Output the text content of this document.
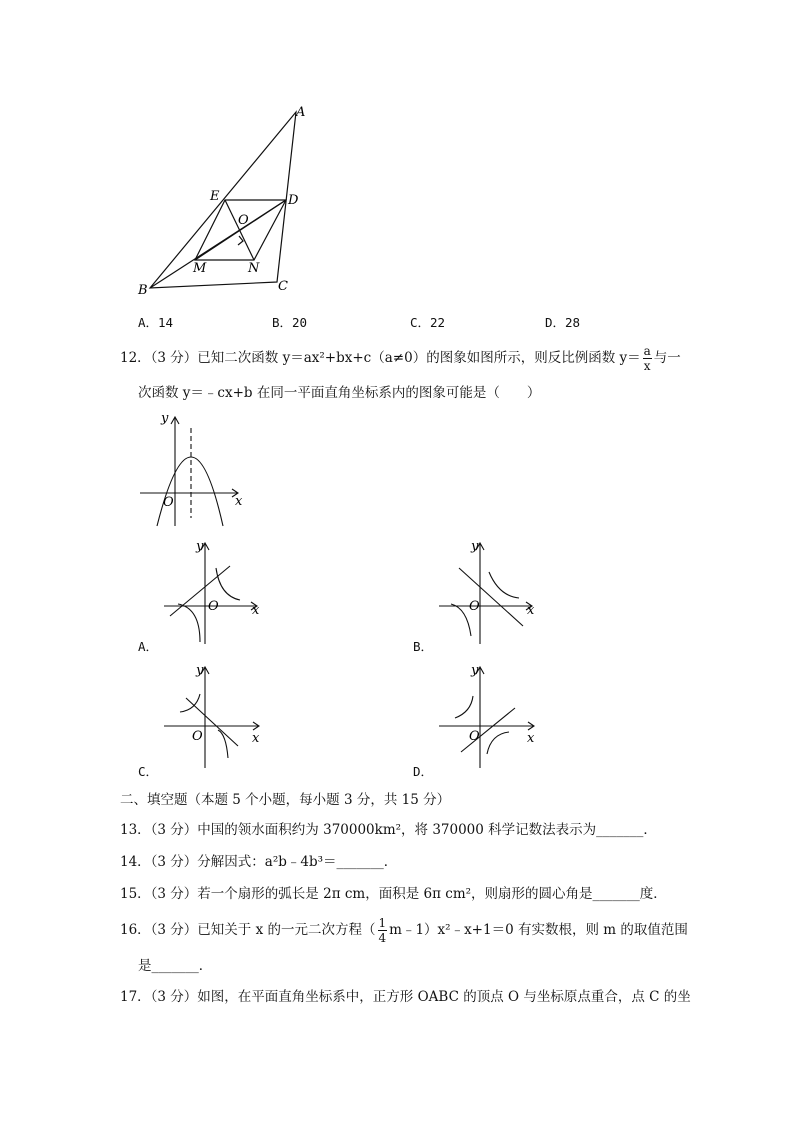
A
B	C
D
E
O
M	N
A．14	B．20	C．22	D．28
12．（3 分）已知二次函数 y＝ax²+bx+c（a≠0）的图象如图所示，则反比例函数 $y= \frac{a}{x}$ 与一
次函数 y＝﹣cx+b 在同一平面直角坐标系内的图象可能是（　　）
y
x
O
y
x
O
A．
y
x
O
B．
y
x
O
C．
y
x
O
D．
二、填空题（本题 5 个小题，每小题 3 分，共 15 分）
13．（3 分）中国的领水面积约为 370000km²，将 370000 科学记数法表示为_______．
14．（3 分）分解因式：a²b﹣4b³＝_______．
15．（3 分）若一个扇形的弧长是 2π cm，面积是 6π cm²，则扇形的圆心角是_______度．
16．（3 分）已知关于 x 的一元二次方程（ $\frac{1}{4}$ m﹣1）x²﹣x+1＝0 有实数根，则 m 的取值范围
是_______．
17．（3 分）如图，在平面直角坐标系中，正方形 OABC 的顶点 O 与坐标原点重合，点 C 的坐
